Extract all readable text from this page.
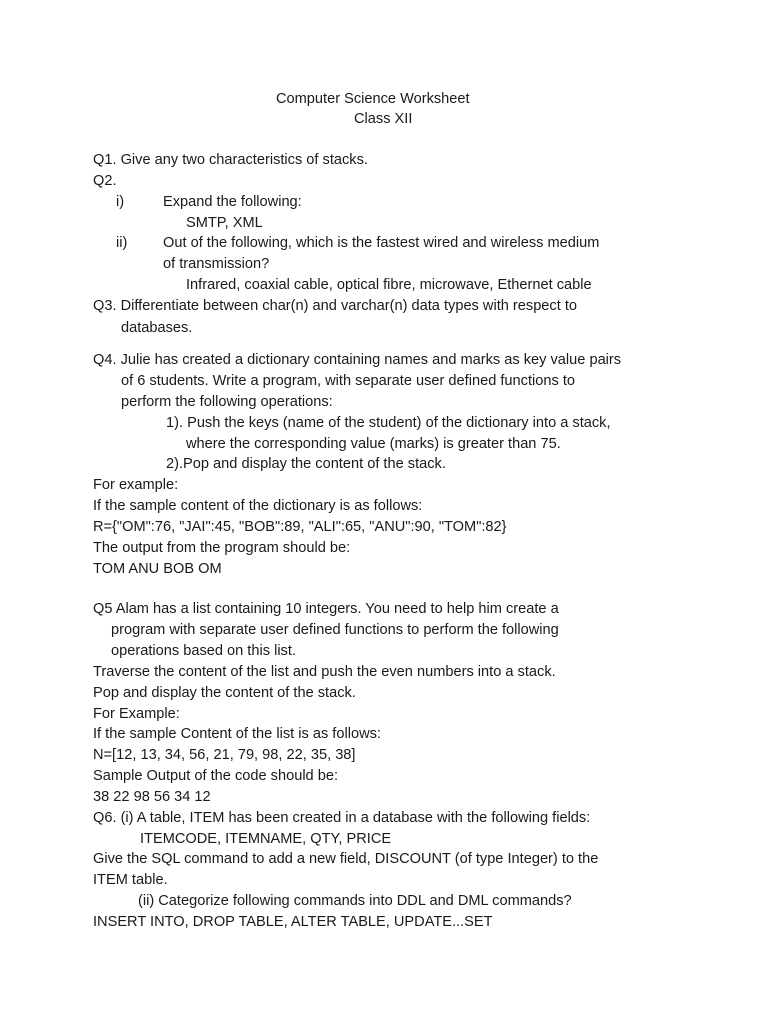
Computer Science Worksheet
Class XII
Q1. Give any two characteristics of stacks.
Q2.
i)	Expand the following:
SMTP, XML
ii) Out of the following, which is the fastest wired and wireless medium
of transmission?
Infrared, coaxial cable, optical fibre, microwave, Ethernet cable
Q3. Differentiate between char(n) and varchar(n) data types with respect to
databases.
Q4. Julie has created a dictionary containing names and marks as key value pairs
of 6 students. Write a program, with separate user defined functions to
perform the following operations:
1). Push the keys (name of the student) of the dictionary into a stack,
where the corresponding value (marks) is greater than 75.
2).Pop and display the content of the stack.
For example:
If the sample content of the dictionary is as follows:
R={"OM":76, "JAI":45, "BOB":89, "ALI":65, "ANU":90, "TOM":82}
The output from the program should be:
TOM ANU BOB OM
Q5 Alam has a list containing 10 integers. You need to help him create a
program with separate user defined functions to perform the following
operations based on this list.
Traverse the content of the list and push the even numbers into a stack.
Pop and display the content of the stack.
For Example:
If the sample Content of the list is as follows:
N=[12, 13, 34, 56, 21, 79, 98, 22, 35, 38]
Sample Output of the code should be:
38 22 98 56 34 12
Q6. (i) A table, ITEM has been created in a database with the following fields:
ITEMCODE, ITEMNAME, QTY, PRICE
Give the SQL command to add a new field, DISCOUNT (of type Integer) to the
ITEM table.
(ii) Categorize following commands into DDL and DML commands?
INSERT INTO, DROP TABLE, ALTER TABLE, UPDATE...SET
